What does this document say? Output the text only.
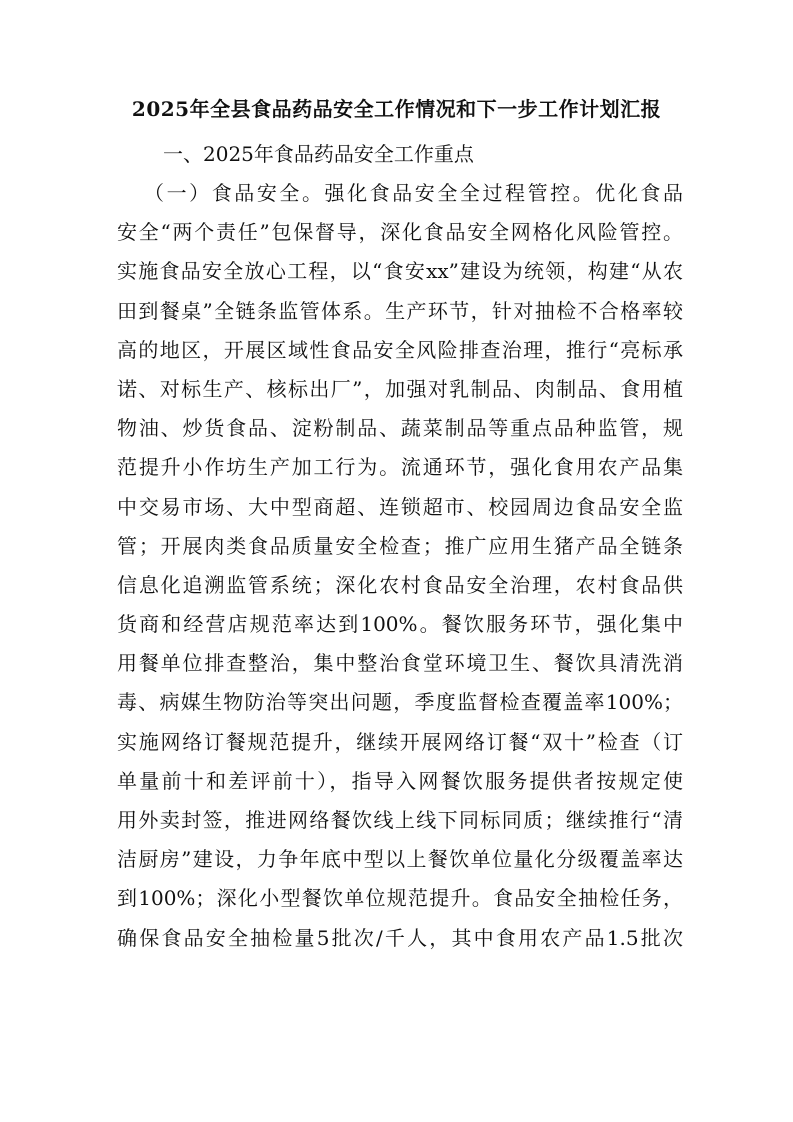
2025年全县食品药品安全工作情况和下一步工作计划汇报
一、2025年食品药品安全工作重点
（一）食品安全。强化食品安全全过程管控。优化食品
安全“两个责任”包保督导，深化食品安全网格化风险管控。
实施食品安全放心工程，以“食安xx”建设为统领，构建“从农
田到餐桌”全链条监管体系。生产环节，针对抽检不合格率较
高的地区，开展区域性食品安全风险排查治理，推行“亮标承
诺、对标生产、核标出厂”，加强对乳制品、肉制品、食用植
物油、炒货食品、淀粉制品、蔬菜制品等重点品种监管，规
范提升小作坊生产加工行为。流通环节，强化食用农产品集
中交易市场、大中型商超、连锁超市、校园周边食品安全监
管；开展肉类食品质量安全检查；推广应用生猪产品全链条
信息化追溯监管系统；深化农村食品安全治理，农村食品供
货商和经营店规范率达到100%。餐饮服务环节，强化集中
用餐单位排查整治，集中整治食堂环境卫生、餐饮具清洗消
毒、病媒生物防治等突出问题，季度监督检查覆盖率100%；
实施网络订餐规范提升，继续开展网络订餐“双十”检查（订
单量前十和差评前十），指导入网餐饮服务提供者按规定使
用外卖封签，推进网络餐饮线上线下同标同质；继续推行“清
洁厨房”建设，力争年底中型以上餐饮单位量化分级覆盖率达
到100%；深化小型餐饮单位规范提升。食品安全抽检任务，
确保食品安全抽检量5批次/千人，其中食用农产品1.5批次
